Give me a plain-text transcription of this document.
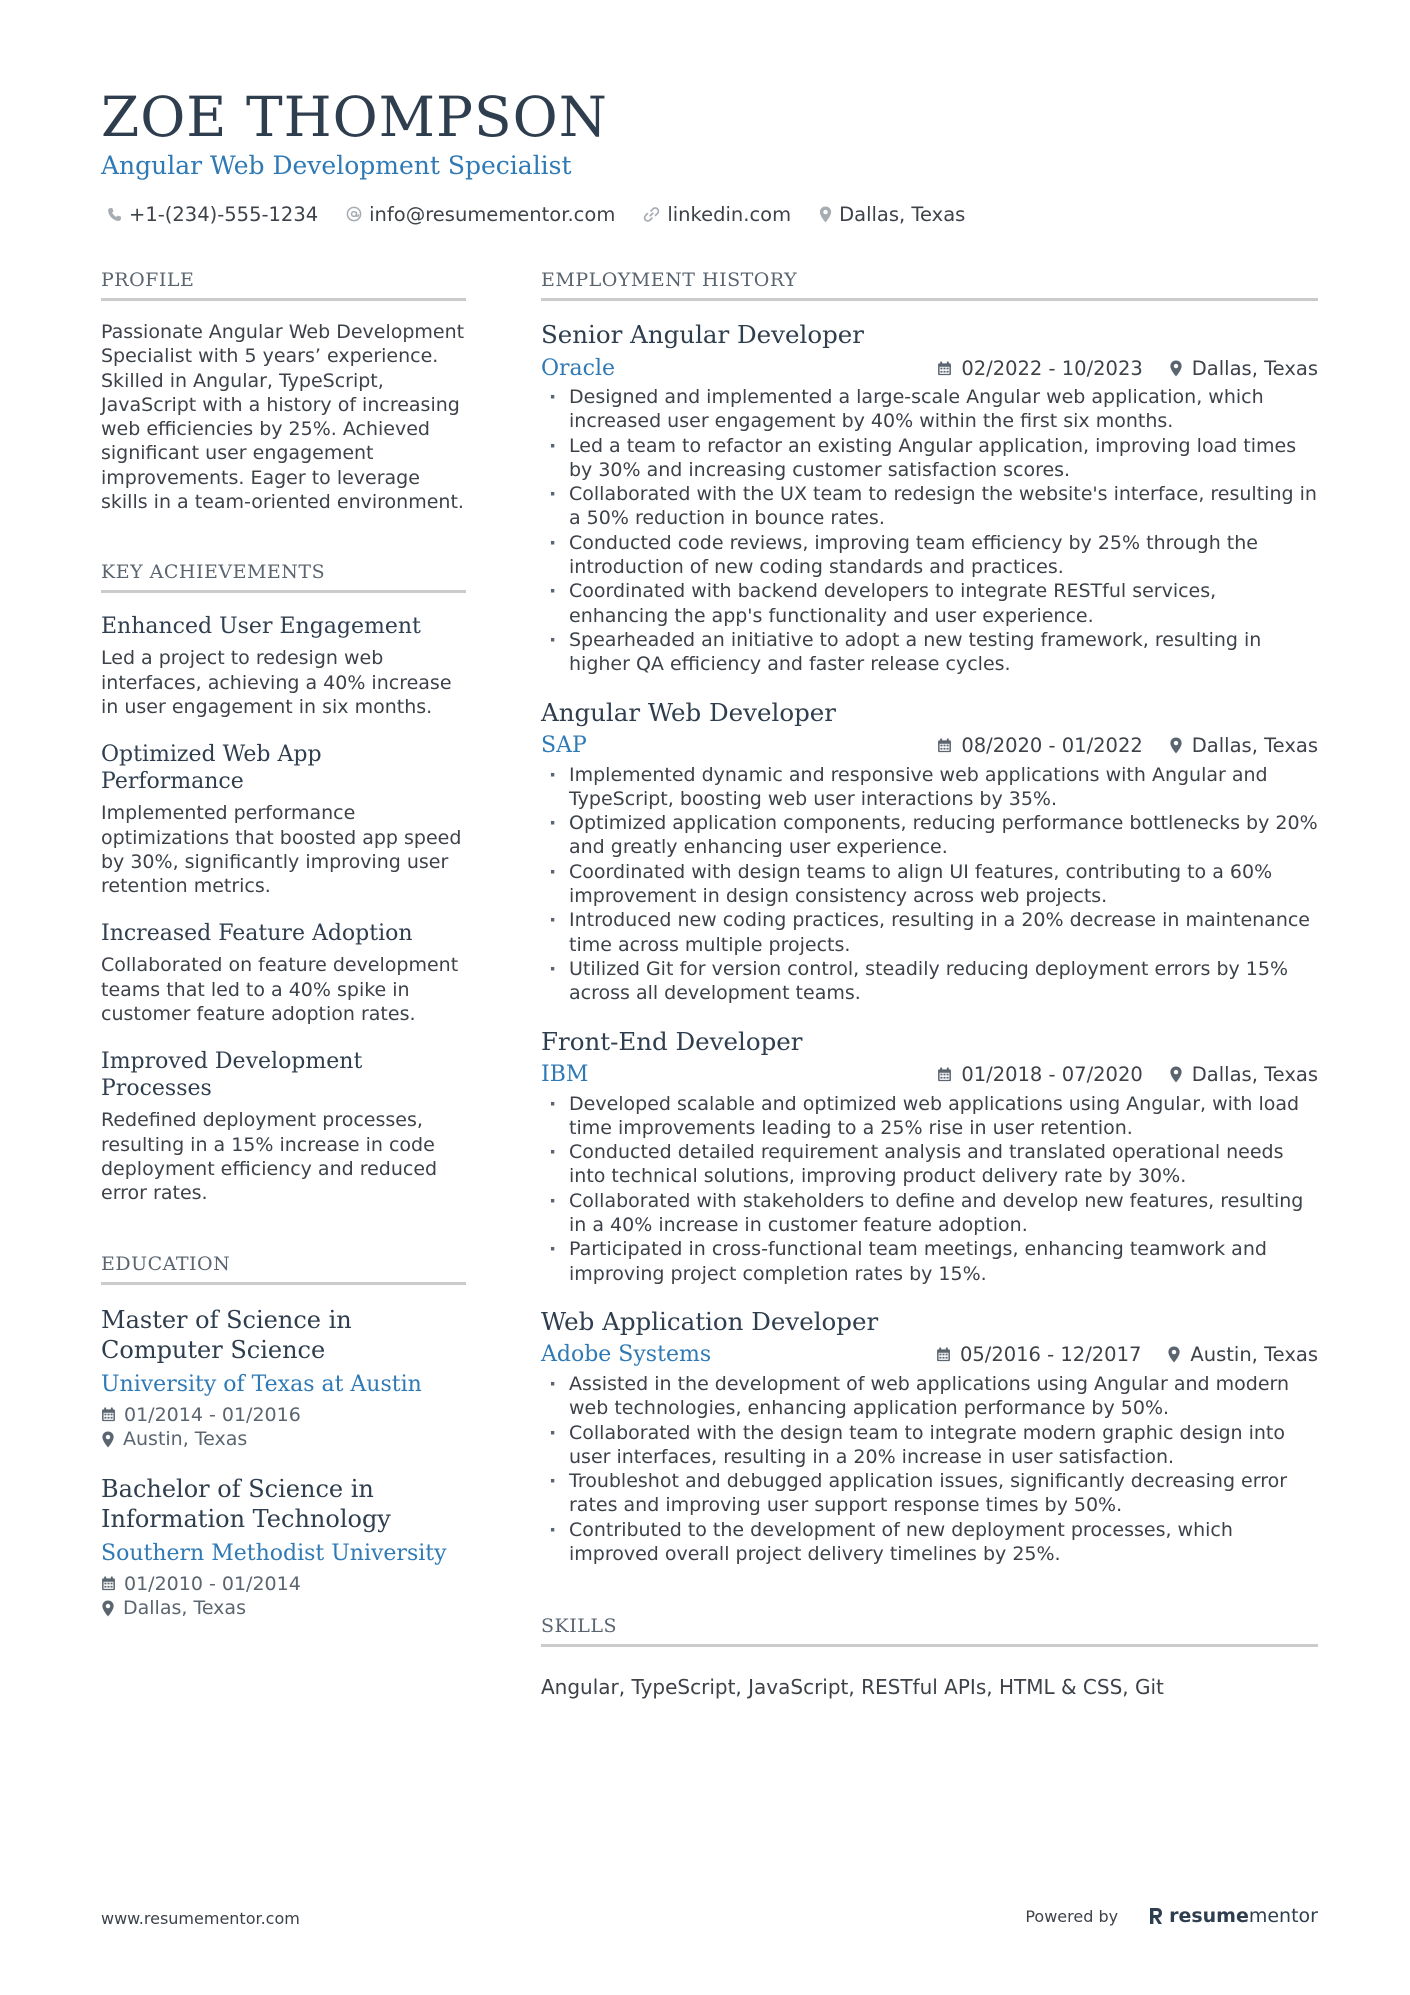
ZOE THOMPSON
Angular Web Development Specialist
+1-(234)-555-1234	info@resumementor.com	linkedin.com Dallas, Texas
PROFILE

Passionate Angular Web Development Specialist with 5 years’ experience. Skilled in Angular, TypeScript, JavaScript with a history of increasing web efficiencies by 25%. Achieved significant user engagement improvements. Eager to leverage skills in a team-oriented environment.

KEY ACHIEVEMENTS
Enhanced User Engagement

Led a project to redesign web interfaces, achieving a 40% increase in user engagement in six months.

Optimized Web App Performance

Implemented performance optimizations that boosted app speed by 30%, significantly improving user retention metrics.

Increased Feature Adoption

Collaborated on feature development teams that led to a 40% spike in customer feature adoption rates.

Improved Development Processes

Redefined deployment processes, resulting in a 15% increase in code deployment efficiency and reduced error rates.

EDUCATION
Master of Science in Computer Science
University of Texas at Austin
01/2014 - 01/2016
Austin, Texas
Bachelor of Science in Information Technology
Southern Methodist University
01/2010 - 01/2014
Dallas, Texas
EMPLOYMENT HISTORY
Senior Angular Developer
Oracle	02/2022 - 10/2023	Dallas, Texas
· Designed and implemented a large-scale Angular web application, which increased user engagement by 40% within the first six months.
· Led a team to refactor an existing Angular application, improving load times by 30% and increasing customer satisfaction scores.
· Collaborated with the UX team to redesign the website's interface, resulting in a 50% reduction in bounce rates.
· Conducted code reviews, improving team efficiency by 25% through the introduction of new coding standards and practices.
· Coordinated with backend developers to integrate RESTful services, enhancing the app's functionality and user experience.
· Spearheaded an initiative to adopt a new testing framework, resulting in higher QA efficiency and faster release cycles.
Angular Web Developer
SAP	08/2020 - 01/2022	Dallas, Texas
· Implemented dynamic and responsive web applications with Angular and TypeScript, boosting web user interactions by 35%.
· Optimized application components, reducing performance bottlenecks by 20% and greatly enhancing user experience.
· Coordinated with design teams to align UI features, contributing to a 60% improvement in design consistency across web projects.
· Introduced new coding practices, resulting in a 20% decrease in maintenance time across multiple projects.
· Utilized Git for version control, steadily reducing deployment errors by 15% across all development teams.
Front-End Developer
IBM	01/2018 - 07/2020	Dallas, Texas
· Developed scalable and optimized web applications using Angular, with load time improvements leading to a 25% rise in user retention.
· Conducted detailed requirement analysis and translated operational needs into technical solutions, improving product delivery rate by 30%.
· Collaborated with stakeholders to define and develop new features, resulting in a 40% increase in customer feature adoption.
· Participated in cross-functional team meetings, enhancing teamwork and improving project completion rates by 15%.
Web Application Developer
Adobe Systems	05/2016 - 12/2017	Austin, Texas
· Assisted in the development of web applications using Angular and modern web technologies, enhancing application performance by 50%.
· Collaborated with the design team to integrate modern graphic design into user interfaces, resulting in a 20% increase in user satisfaction.
· Troubleshot and debugged application issues, significantly decreasing error rates and improving user support response times by 50%.
· Contributed to the development of new deployment processes, which improved overall project delivery timelines by 25%.
SKILLS

Angular, TypeScript, JavaScript, RESTful APIs, HTML & CSS, Git

www.resumementor.com	Powered by	resume mentor
